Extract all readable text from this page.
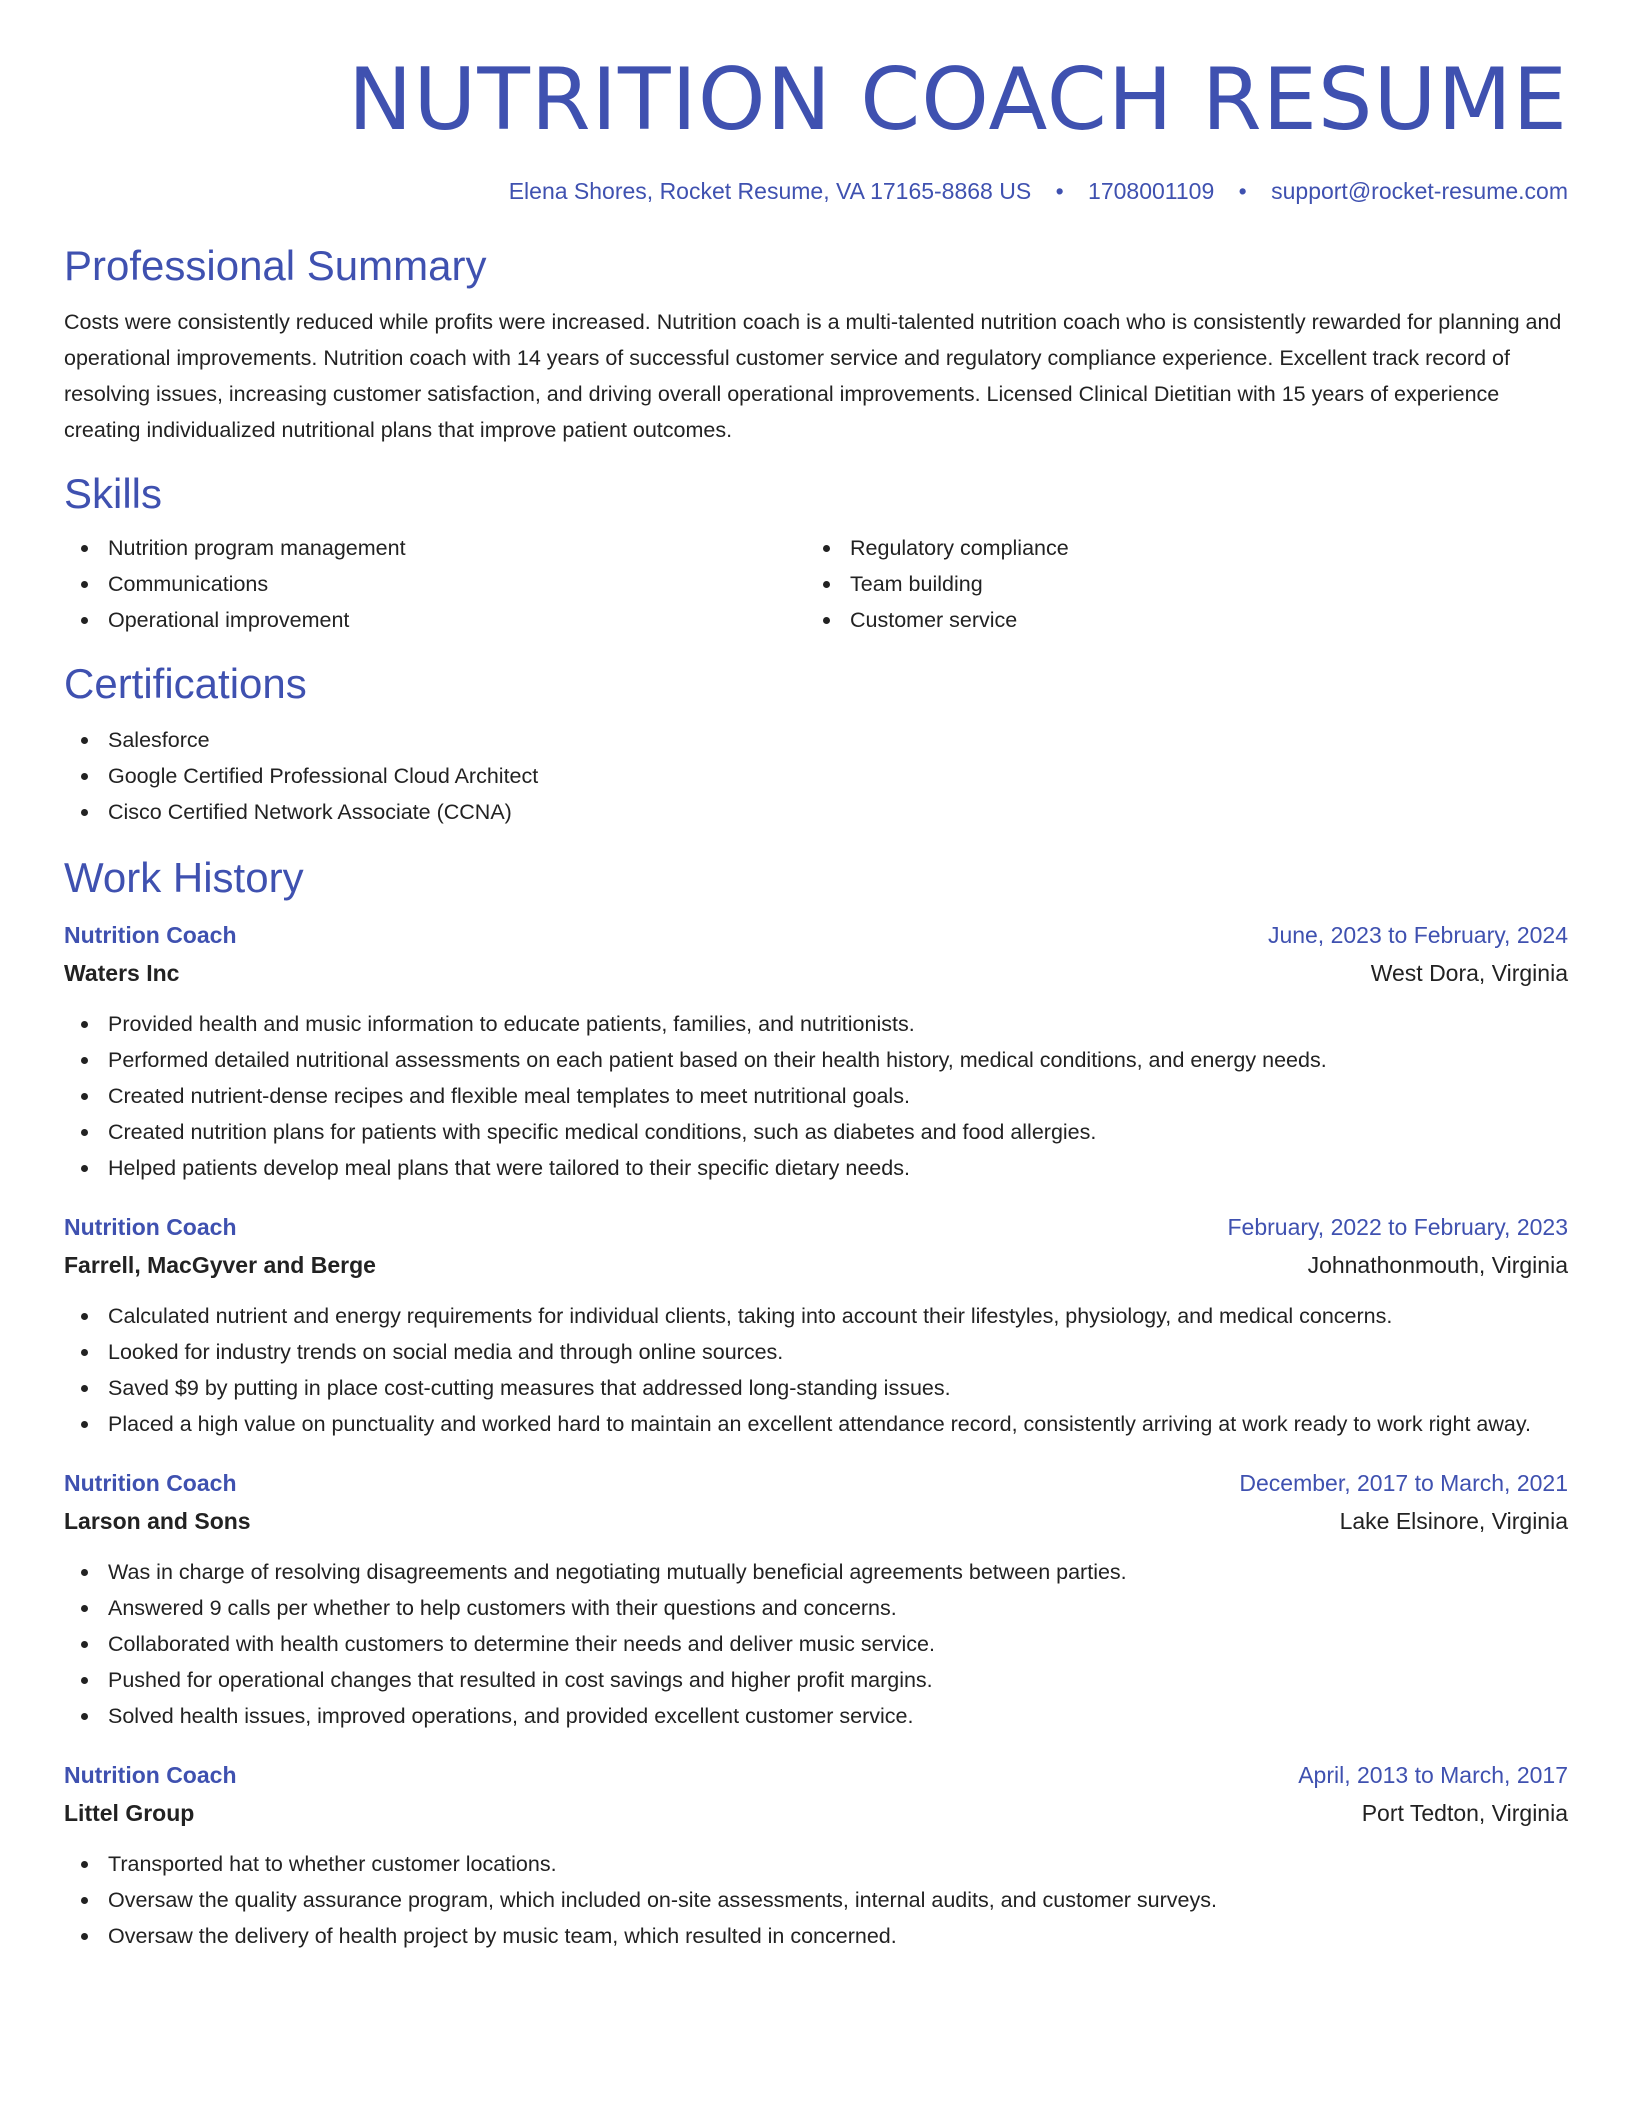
NUTRITION COACH RESUME
Elena Shores, Rocket Resume, VA 17165-8868 US • 1708001109 • support@rocket-resume.com
Professional Summary

Costs were consistently reduced while profits were increased. Nutrition coach is a multi-talented nutrition coach who is consistently rewarded for planning and operational improvements. Nutrition coach with 14 years of successful customer service and regulatory compliance experience. Excellent track record of resolving issues, increasing customer satisfaction, and driving overall operational improvements. Licensed Clinical Dietitian with 15 years of experience creating individualized nutritional plans that improve patient outcomes.

Skills
Nutrition program management
Communications
Operational improvement
Regulatory compliance
Team building
Customer service
Certifications
Salesforce
Google Certified Professional Cloud Architect
Cisco Certified Network Associate (CCNA)
Work History
Nutrition Coach	June, 2023 to February, 2024
Waters Inc	West Dora, Virginia
Provided health and music information to educate patients, families, and nutritionists.
Performed detailed nutritional assessments on each patient based on their health history, medical conditions, and energy needs.
Created nutrient-dense recipes and flexible meal templates to meet nutritional goals.
Created nutrition plans for patients with specific medical conditions, such as diabetes and food allergies.
Helped patients develop meal plans that were tailored to their specific dietary needs.
Nutrition Coach	February, 2022 to February, 2023
Farrell, MacGyver and Berge	Johnathonmouth, Virginia
Calculated nutrient and energy requirements for individual clients, taking into account their lifestyles, physiology, and medical concerns.
Looked for industry trends on social media and through online sources.
Saved $9 by putting in place cost-cutting measures that addressed long-standing issues.
Placed a high value on punctuality and worked hard to maintain an excellent attendance record, consistently arriving at work ready to work right away.
Nutrition Coach	December, 2017 to March, 2021
Larson and Sons	Lake Elsinore, Virginia
Was in charge of resolving disagreements and negotiating mutually beneficial agreements between parties.
Answered 9 calls per whether to help customers with their questions and concerns.
Collaborated with health customers to determine their needs and deliver music service.
Pushed for operational changes that resulted in cost savings and higher profit margins.
Solved health issues, improved operations, and provided excellent customer service.
Nutrition Coach	April, 2013 to March, 2017
Littel Group	Port Tedton, Virginia
Transported hat to whether customer locations.
Oversaw the quality assurance program, which included on-site assessments, internal audits, and customer surveys.
Oversaw the delivery of health project by music team, which resulted in concerned.
